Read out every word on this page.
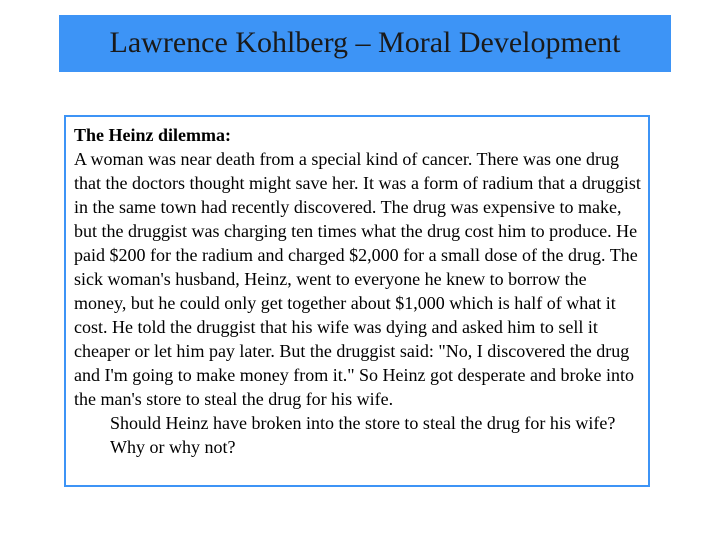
Lawrence Kohlberg – Moral Development
The Heinz dilemma:
A woman was near death from a special kind of cancer. There was one drug that the doctors thought might save her. It was a form of radium that a druggist in the same town had recently discovered. The drug was expensive to make, but the druggist was charging ten times what the drug cost him to produce. He paid $200 for the radium and charged $2,000 for a small dose of the drug. The sick woman's husband, Heinz, went to everyone he knew to borrow the money, but he could only get together about $1,000 which is half of what it cost. He told the druggist that his wife was dying and asked him to sell it cheaper or let him pay later. But the druggist said: "No, I discovered the drug and I'm going to make money from it." So Heinz got desperate and broke into the man's store to steal the drug for his wife.
Should Heinz have broken into the store to steal the drug for his wife? Why or why not?
